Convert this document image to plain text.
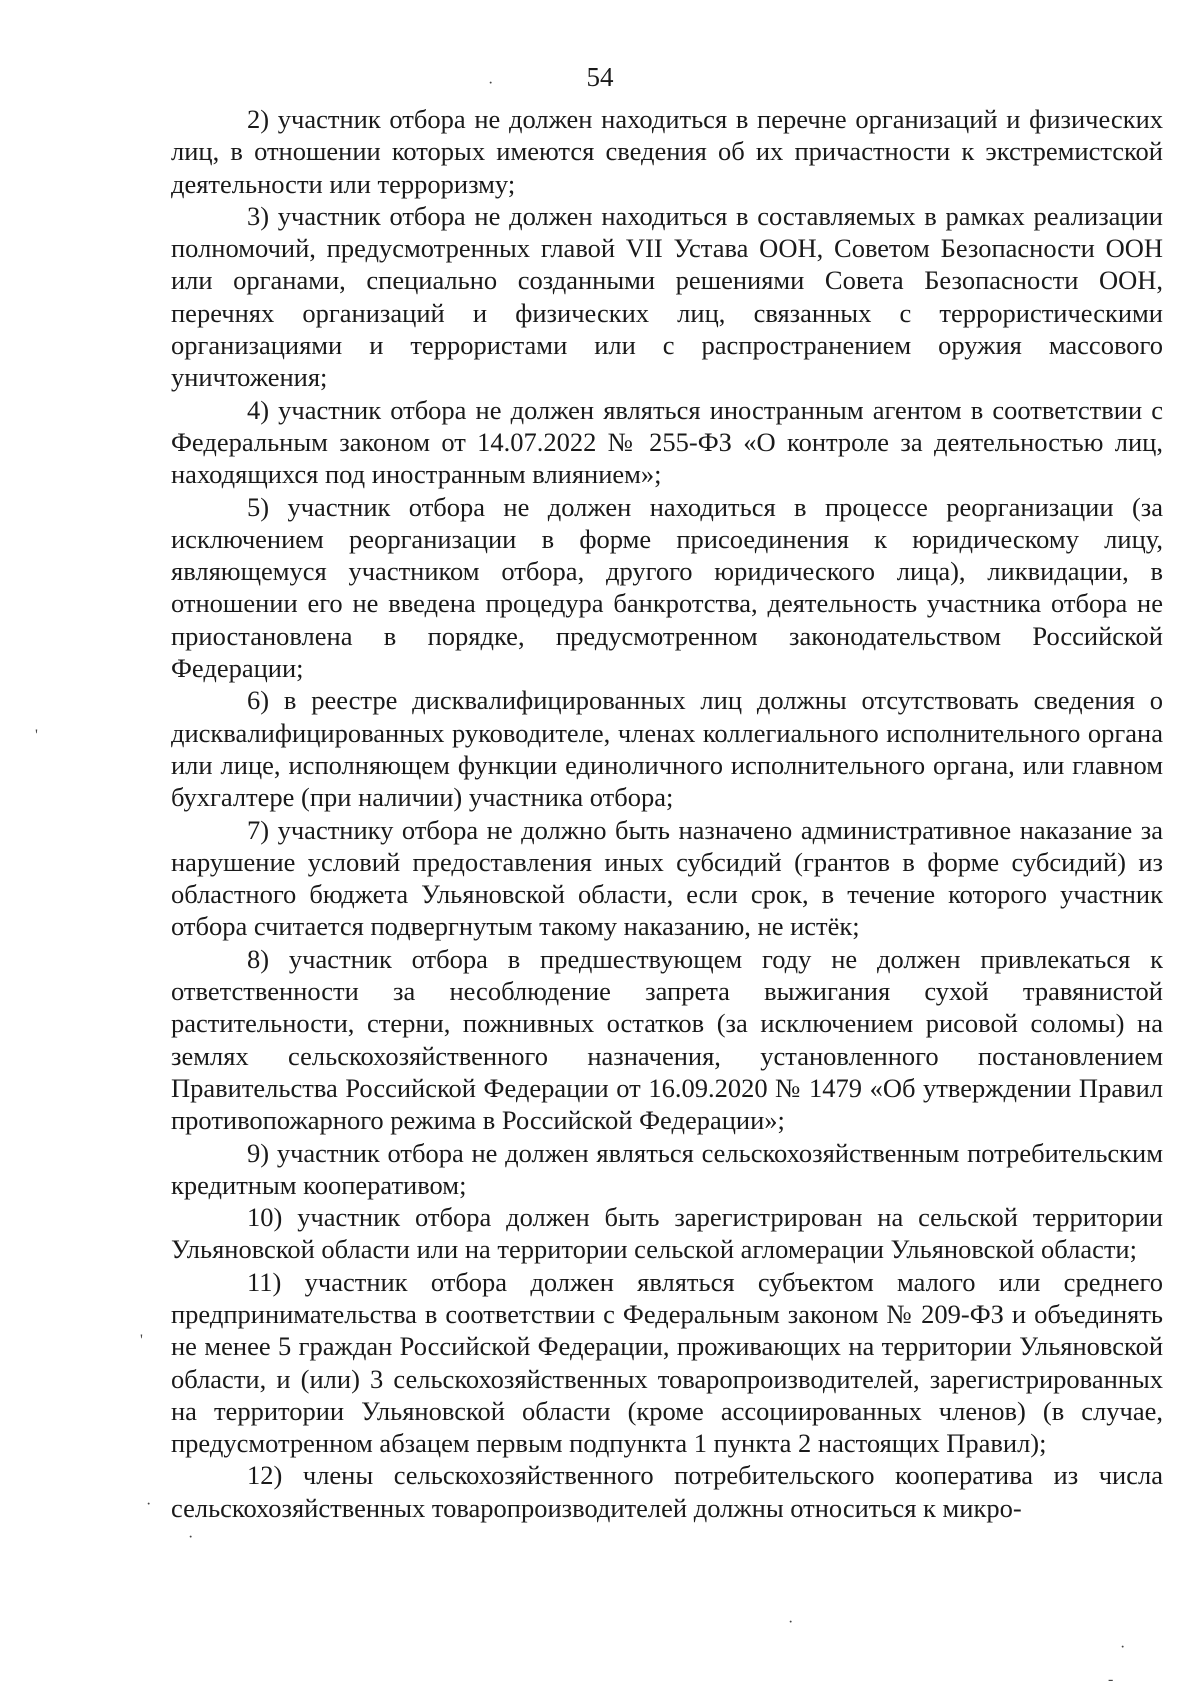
54

2) участник отбора не должен находиться в перечне организаций и физических лиц, в отношении которых имеются сведения об их причастности к экстремистской деятельности или терроризму;

3) участник отбора не должен находиться в составляемых в рамках реализации полномочий, предусмотренных главой VII Устава ООН, Советом Безопасности ООН или органами, специально созданными решениями Совета Безопасности ООН, перечнях организаций и физических лиц, связанных с террористическими организациями и террористами или с распространением оружия массового уничтожения;

4) участник отбора не должен являться иностранным агентом в соответствии с Федеральным законом от 14.07.2022 № 255-ФЗ «О контроле за деятельностью лиц, находящихся под иностранным влиянием»;

5) участник отбора не должен находиться в процессе реорганизации (за исключением реорганизации в форме присоединения к юридическому лицу, являющемуся участником отбора, другого юридического лица), ликвидации, в отношении его не введена процедура банкротства, деятельность участника отбора не приостановлена в порядке, предусмотренном законодательством Российской Федерации;

6) в реестре дисквалифицированных лиц должны отсутствовать сведения о дисквалифицированных руководителе, членах коллегиального исполнительного органа или лице, исполняющем функции единоличного исполнительного органа, или главном бухгалтере (при наличии) участника отбора;

7) участнику отбора не должно быть назначено административное наказание за нарушение условий предоставления иных субсидий (грантов в форме субсидий) из областного бюджета Ульяновской области, если срок, в течение которого участник отбора считается подвергнутым такому наказанию, не истёк;

8) участник отбора в предшествующем году не должен привлекаться к ответственности за несоблюдение запрета выжигания сухой травянистой растительности, стерни, пожнивных остатков (за исключением рисовой соломы) на землях сельскохозяйственного назначения, установленного постановлением Правительства Российской Федерации от 16.09.2020 № 1479 «Об утверждении Правил противопожарного режима в Российской Федерации»;

9) участник отбора не должен являться сельскохозяйственным потребительским кредитным кооперативом;

10) участник отбора должен быть зарегистрирован на сельской территории Ульяновской области или на территории сельской агломерации Ульяновской области;

11) участник отбора должен являться субъектом малого или среднего предпринимательства в соответствии с Федеральным законом № 209-ФЗ и объединять не менее 5 граждан Российской Федерации, проживающих на территории Ульяновской области, и (или) 3 сельскохозяйственных товаропроизводителей, зарегистрированных на территории Ульяновской области (кроме ассоциированных членов) (в случае, предусмотренном абзацем первым подпункта 1 пункта 2 настоящих Правил);

12) члены сельскохозяйственного потребительского кооператива из числа сельскохозяйственных товаропроизводителей должны относиться к микро-

·
'
'
·
·
·
·
-
